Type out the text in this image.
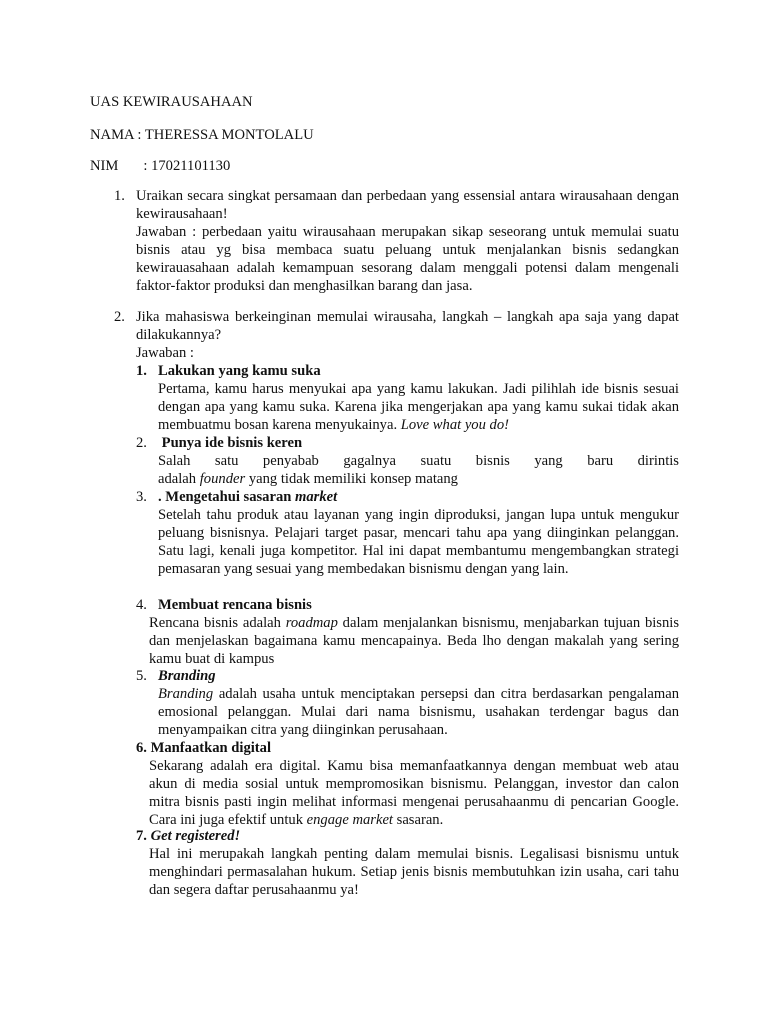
UAS KEWIRAUSAHAAN

NAMA : THERESSA MONTOLALU

NIM : 17021101130

1. Uraikan secara singkat persamaan dan perbedaan yang essensial antara wirausahaan dengan kewirausahaan!
Jawaban : perbedaan yaitu wirausahaan merupakan sikap seseorang untuk memulai suatu bisnis atau yg bisa membaca suatu peluang untuk menjalankan bisnis sedangkan kewirauasahaan adalah kemampuan sesorang dalam menggali potensi dalam mengenali faktor-faktor produksi dan menghasilkan barang dan jasa.

2. Jika mahasiswa berkeinginan memulai wirausaha, langkah – langkah apa saja yang dapat dilakukannya?
Jawaban :

1. Lakukan yang kamu suka

Pertama, kamu harus menyukai apa yang kamu lakukan. Jadi pilihlah ide bisnis sesuai dengan apa yang kamu suka. Karena jika mengerjakan apa yang kamu sukai tidak akan membuatmu bosan karena menyukainya. Love what you do!

2. Punya ide bisnis keren

Salah satu penyabab gagalnya suatu bisnis yang baru dirintis

adalah founder yang tidak memiliki konsep matang

3. . Mengetahui sasaran market

Setelah tahu produk atau layanan yang ingin diproduksi, jangan lupa untuk mengukur peluang bisnisnya. Pelajari target pasar, mencari tahu apa yang diinginkan pelanggan. Satu lagi, kenali juga kompetitor. Hal ini dapat membantumu mengembangkan strategi pemasaran yang sesuai yang membedakan bisnismu dengan yang lain.

4. Membuat rencana bisnis

Rencana bisnis adalah roadmap dalam menjalankan bisnismu, menjabarkan tujuan bisnis dan menjelaskan bagaimana kamu mencapainya. Beda lho dengan makalah yang sering kamu buat di kampus

5. Branding

Branding adalah usaha untuk menciptakan persepsi dan citra berdasarkan pengalaman emosional pelanggan. Mulai dari nama bisnismu, usahakan terdengar bagus dan menyampaikan citra yang diinginkan perusahaan.

6. Manfaatkan digital

Sekarang adalah era digital. Kamu bisa memanfaatkannya dengan membuat web atau akun di media sosial untuk mempromosikan bisnismu. Pelanggan, investor dan calon mitra bisnis pasti ingin melihat informasi mengenai perusahaanmu di pencarian Google. Cara ini juga efektif untuk engage market sasaran.

7. Get registered!

Hal ini merupakah langkah penting dalam memulai bisnis. Legalisasi bisnismu untuk menghindari permasalahan hukum. Setiap jenis bisnis membutuhkan izin usaha, cari tahu dan segera daftar perusahaanmu ya!
